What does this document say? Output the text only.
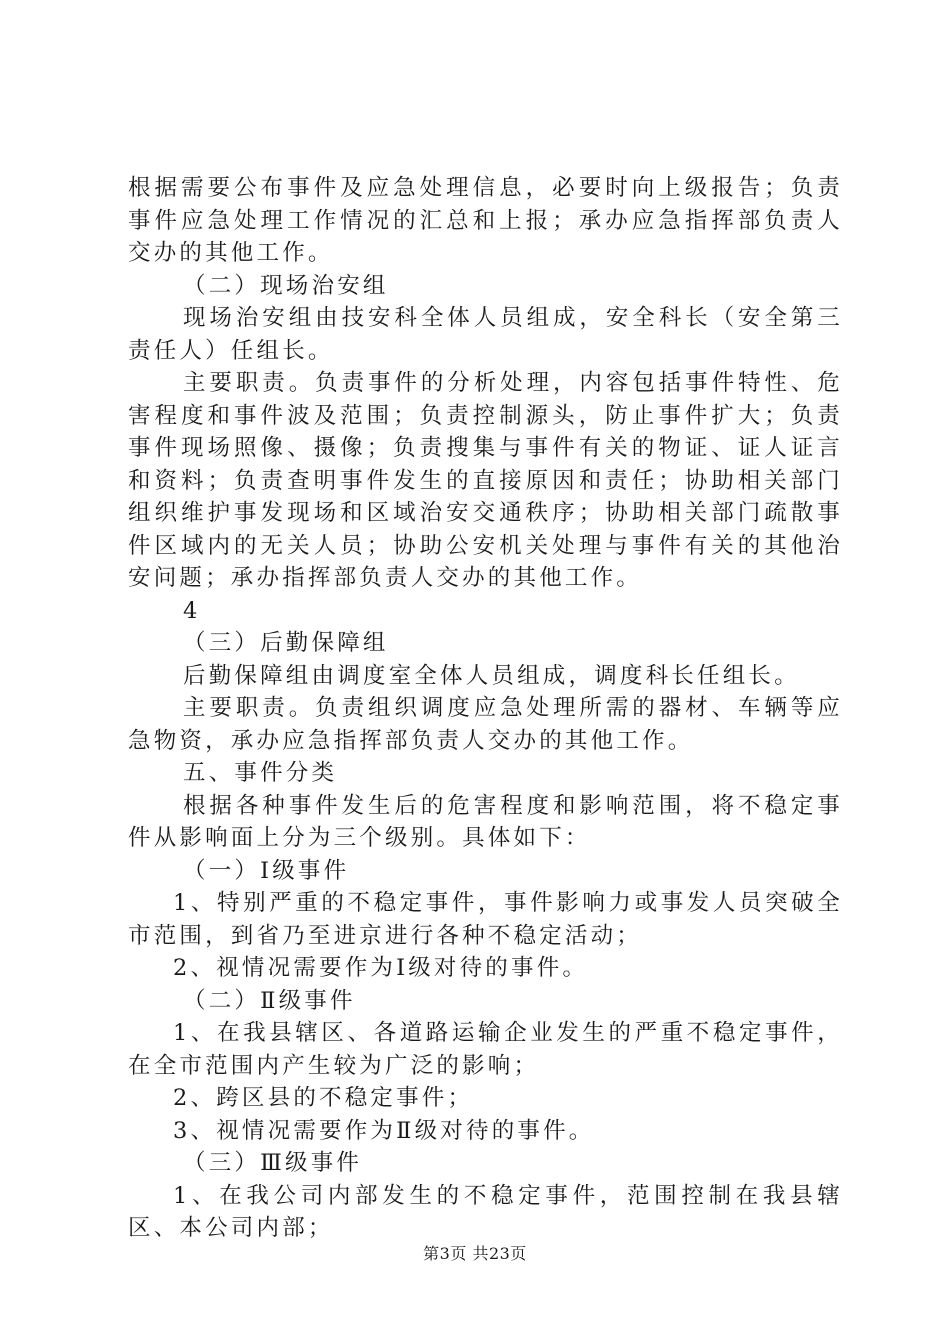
根据需要公布事件及应急处理信息，必要时向上级报告；负责事件应急处理工作情况的汇总和上报；承办应急指挥部负责人交办的其他工作。

（二）现场治安组

现场治安组由技安科全体人员组成，安全科长（安全第三责任人）任组长。

主要职责。负责事件的分析处理，内容包括事件特性、危害程度和事件波及范围；负责控制源头，防止事件扩大；负责事件现场照像、摄像；负责搜集与事件有关的物证、证人证言和资料；负责查明事件发生的直接原因和责任；协助相关部门组织维护事发现场和区域治安交通秩序；协助相关部门疏散事件区域内的无关人员；协助公安机关处理与事件有关的其他治安问题；承办指挥部负责人交办的其他工作。

4

（三）后勤保障组

后勤保障组由调度室全体人员组成，调度科长任组长。

主要职责。负责组织调度应急处理所需的器材、车辆等应急物资，承办应急指挥部负责人交办的其他工作。

五、事件分类

根据各种事件发生后的危害程度和影响范围，将不稳定事件从影响面上分为三个级别。具体如下：

（一）Ⅰ级事件

1、特别严重的不稳定事件，事件影响力或事发人员突破全市范围，到省乃至进京进行各种不稳定活动；

2、视情况需要作为Ⅰ级对待的事件。

（二）Ⅱ级事件

1、在我县辖区、各道路运输企业发生的严重不稳定事件，在全市范围内产生较为广泛的影响；

2、跨区县的不稳定事件；

3、视情况需要作为Ⅱ级对待的事件。

（三）Ⅲ级事件

1、在我公司内部发生的不稳定事件，范围控制在我县辖区、本公司内部；

第3页 共23页
